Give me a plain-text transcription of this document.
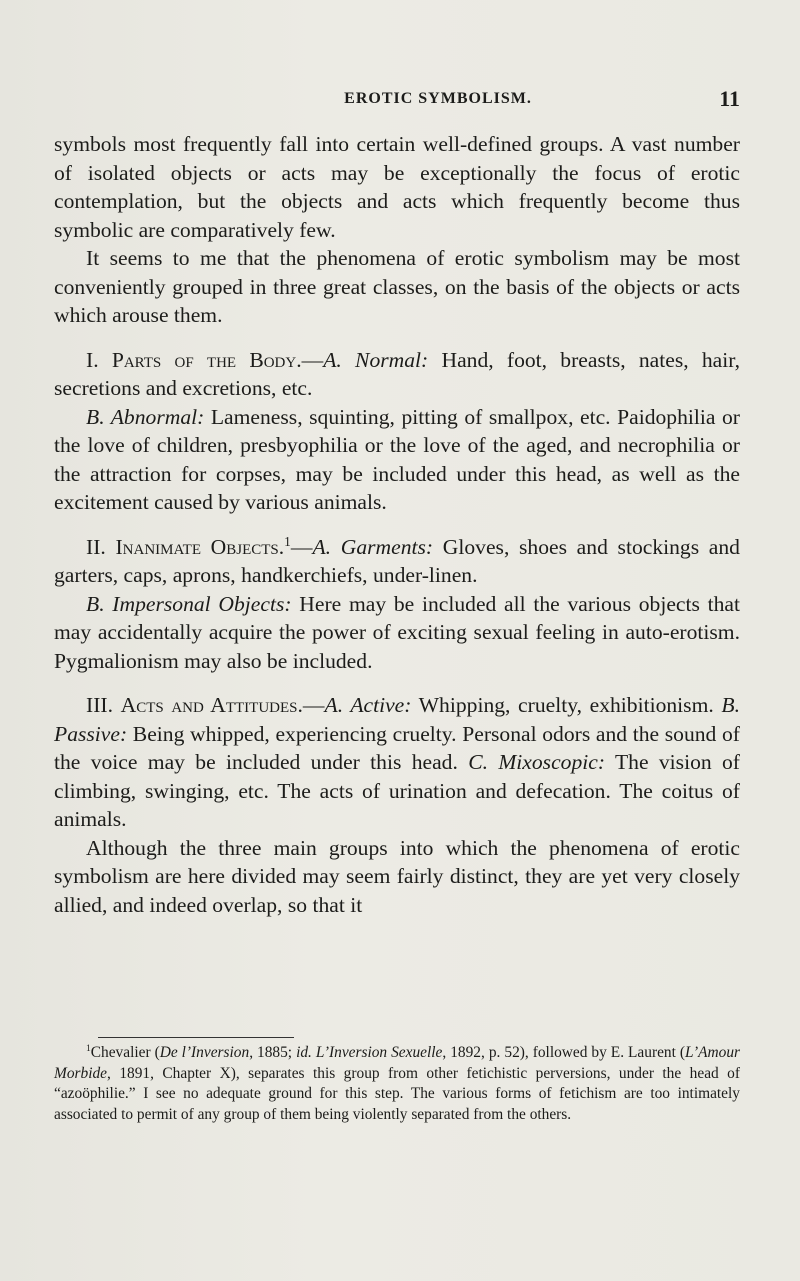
EROTIC SYMBOLISM.	11

symbols most frequently fall into certain well-defined groups. A vast number of isolated objects or acts may be exceptionally the focus of erotic contemplation, but the objects and acts which frequently become thus symbolic are comparatively few.

It seems to me that the phenomena of erotic symbolism may be most conveniently grouped in three great classes, on the basis of the objects or acts which arouse them.

I. Parts of the Body.—A. Normal: Hand, foot, breasts, nates, hair, secretions and excretions, etc.

B. Abnormal: Lameness, squinting, pitting of smallpox, etc. Paidophilia or the love of children, presbyophilia or the love of the aged, and necrophilia or the attraction for corpses, may be included under this head, as well as the excitement caused by various animals.

II. Inanimate Objects.$^1$—A. Garments: Gloves, shoes and stockings and garters, caps, aprons, handkerchiefs, under-linen.

B. Impersonal Objects: Here may be included all the various objects that may accidentally acquire the power of exciting sexual feeling in auto-erotism. Pygmalionism may also be included.

III. Acts and Attitudes.—A. Active: Whipping, cruelty, exhibitionism. B. Passive: Being whipped, experiencing cruelty. Personal odors and the sound of the voice may be included under this head. C. Mixoscopic: The vision of climbing, swinging, etc. The acts of urination and defecation. The coitus of animals.

Although the three main groups into which the phenomena of erotic symbolism are here divided may seem fairly distinct, they are yet very closely allied, and indeed overlap, so that it

$^1$Chevalier (De l’Inversion, 1885; id. L’Inversion Sexuelle, 1892, p. 52), followed by E. Laurent (L’Amour Morbide, 1891, Chapter X), separates this group from other fetichistic perversions, under the head of “azoöphilie.” I see no adequate ground for this step. The various forms of fetichism are too intimately associated to permit of any group of them being violently separated from the others.
